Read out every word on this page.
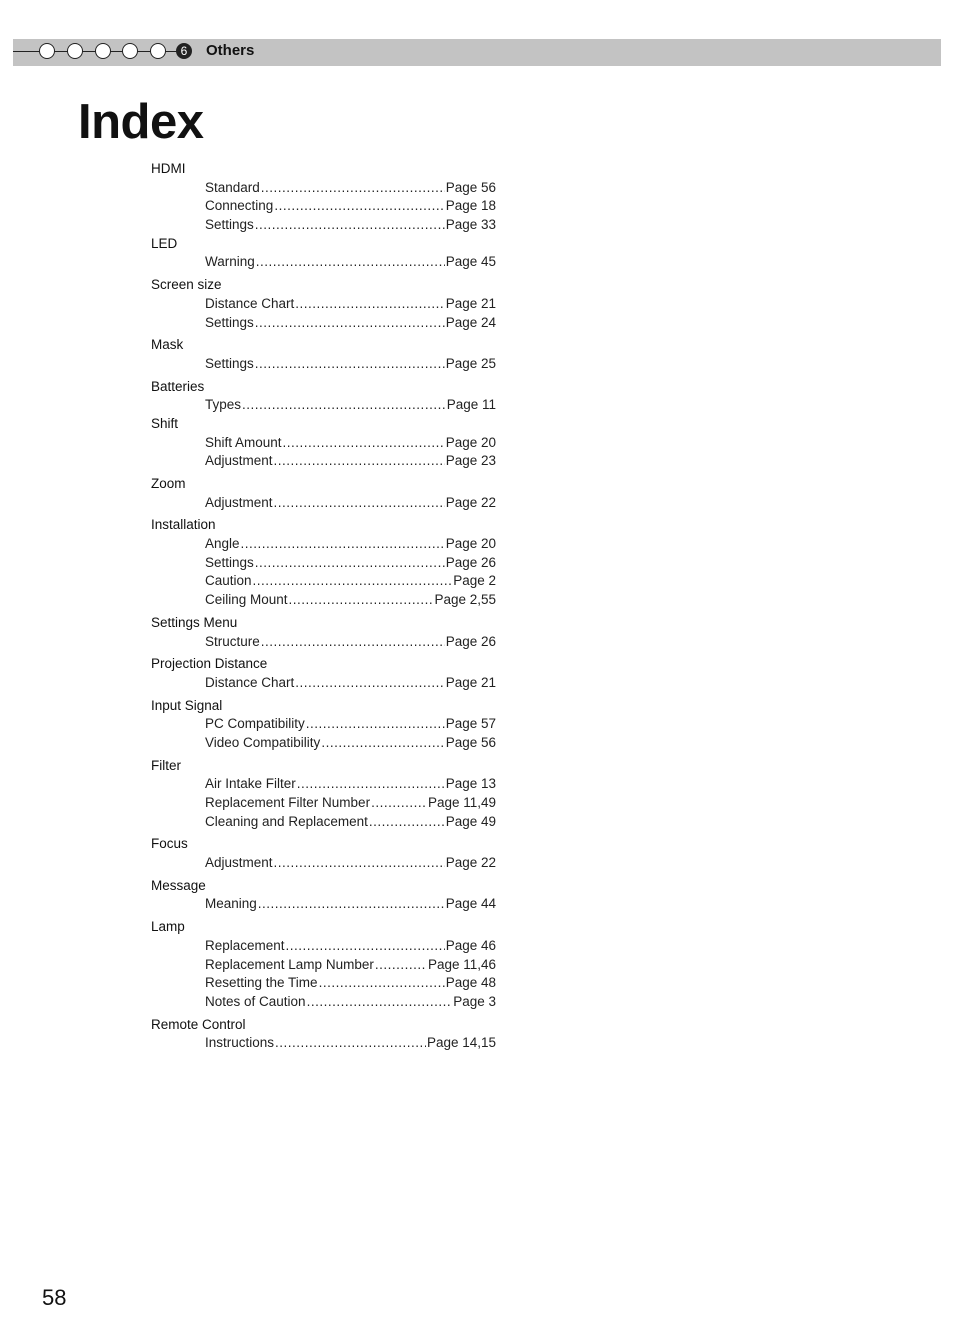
6	Others
Index
HDMI
Standard .....	Page 56
Connecting .....	Page 18
Settings .....	Page 33
LED
Warning .....	Page 45
Screen size
Distance Chart .....	Page 21
Settings .....	Page 24
Mask
Settings .....	Page 25
Batteries
Types .....	Page 11
Shift
Shift Amount .....	Page 20
Adjustment .....	Page 23
Zoom
Adjustment .....	Page 22
Installation
Angle .....	Page 20
Settings .....	Page 26
Caution .....	Page 2
Ceiling Mount .....	Page 2,55
Settings Menu
Structure .....	Page 26
Projection Distance
Distance Chart .....	Page 21
Input Signal
PC Compatibility .....	Page 57
Video Compatibility .....	Page 56
Filter
Air Intake Filter .....	Page 13
Replacement Filter Number .....	Page 11,49
Cleaning and Replacement .....	Page 49
Focus
Adjustment .....	Page 22
Message
Meaning .....	Page 44
Lamp
Replacement .....	Page 46
Replacement Lamp Number .....	Page 11,46
Resetting the Time .....	Page 48
Notes of Caution .....	Page 3
Remote Control
Instructions .....	Page 14,15
58
